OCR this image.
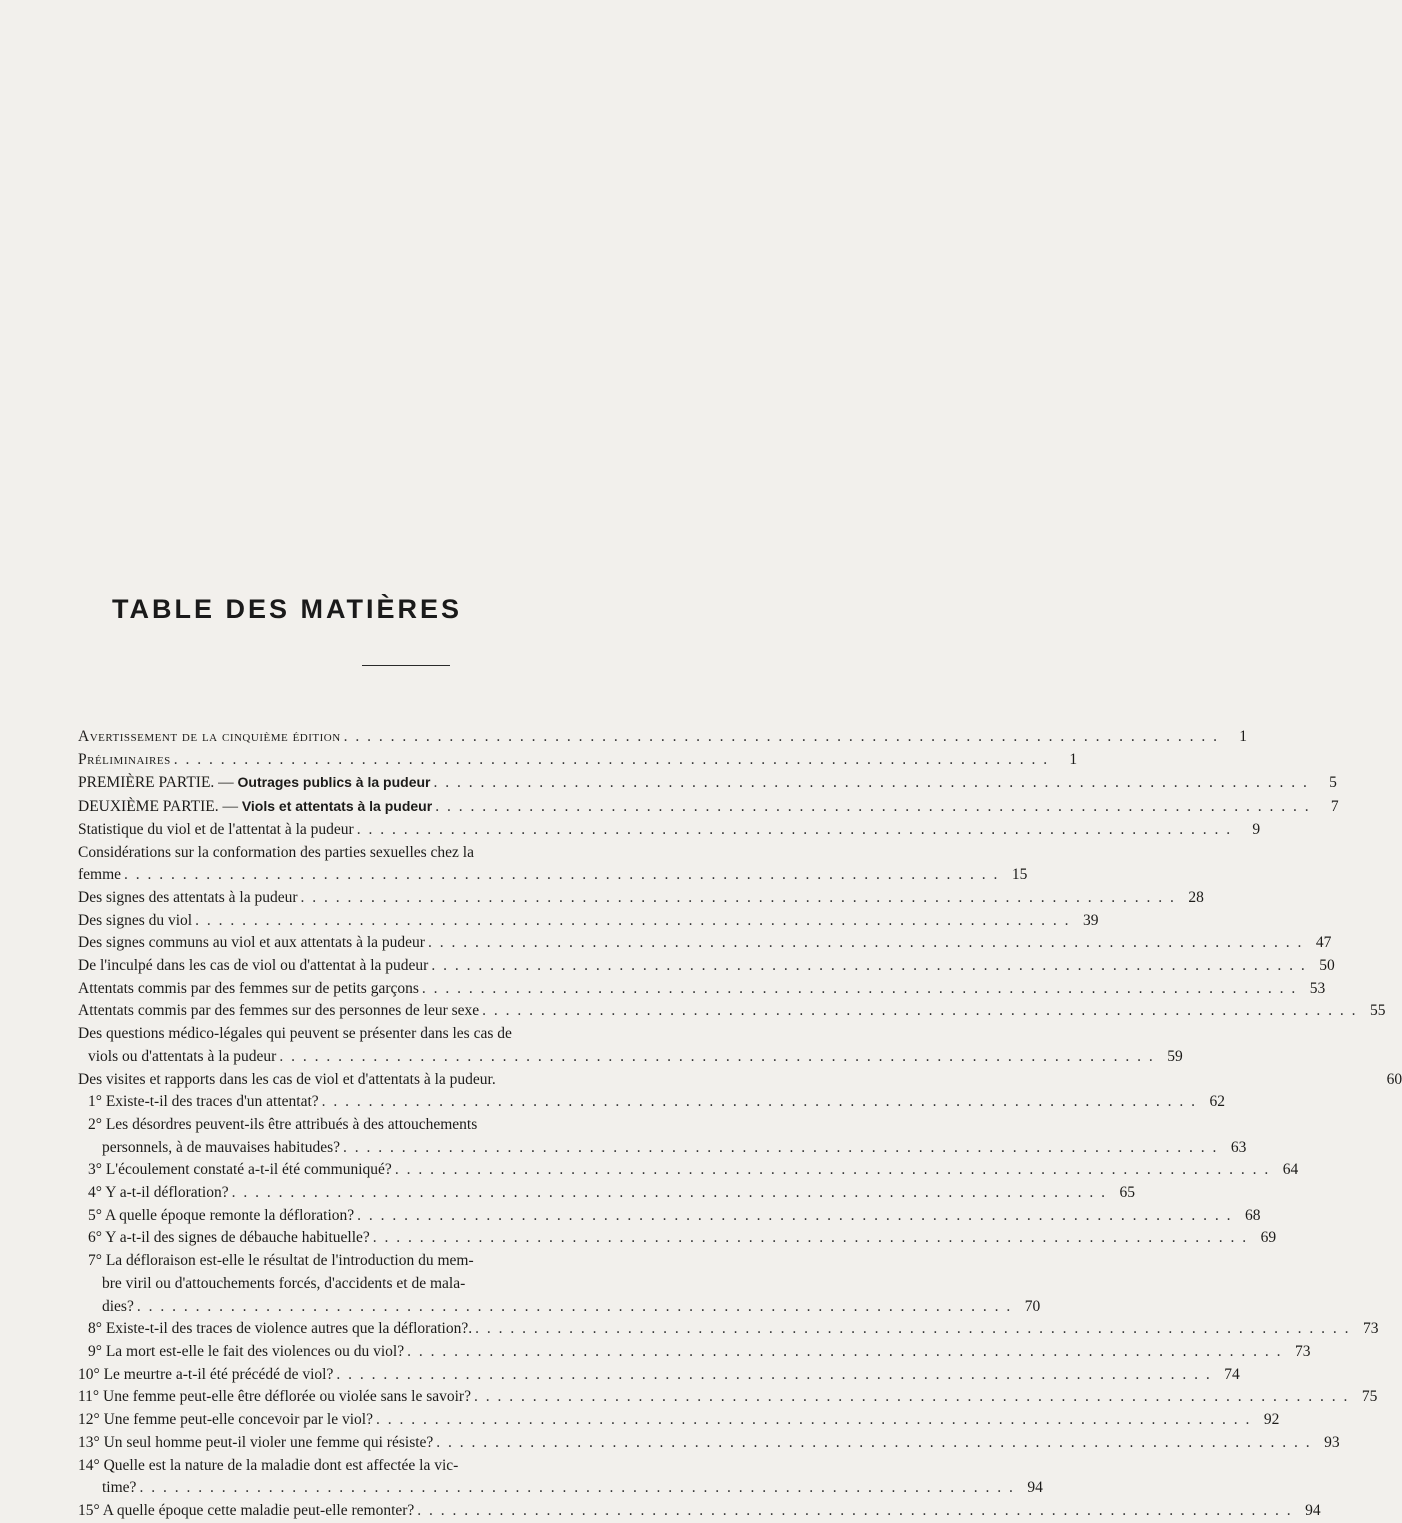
TABLE DES MATIÈRES
Avertissement de la cinquième édition . . .	1
Préliminaires . . .	1
PREMIÈRE PARTIE. — Outrages publics à la pudeur . . .	5
DEUXIÈME PARTIE. — Viols et attentats à la pudeur . . .	7
Statistique du viol et de l'attentat à la pudeur . . .	9
Considérations sur la conformation des parties sexuelles chez la
femme . . .	15
Des signes des attentats à la pudeur . . .	28
Des signes du viol . . .	39
Des signes communs au viol et aux attentats à la pudeur . . .	47
De l'inculpé dans les cas de viol ou d'attentat à la pudeur . . .	50
Attentats commis par des femmes sur de petits garçons . . .	53
Attentats commis par des femmes sur des personnes de leur sexe . . .	55
Des questions médico-légales qui peuvent se présenter dans les cas de
viols ou d'attentats à la pudeur . . .	59
Des visites et rapports dans les cas de viol et d'attentats à la pudeur.	60
1° Existe-t-il des traces d'un attentat? . . .	62
2° Les désordres peuvent-ils être attribués à des attouchements
personnels, à de mauvaises habitudes? . . .	63
3° L'écoulement constaté a-t-il été communiqué? . . .	64
4° Y a-t-il défloration? . . .	65
5° A quelle époque remonte la défloration? . . .	68
6° Y a-t-il des signes de débauche habituelle? . . .	69
7° La défloraison est-elle le résultat de l'introduction du mem-
bre viril ou d'attouchements forcés, d'accidents et de mala-
dies? . . .	70
8° Existe-t-il des traces de violence autres que la défloration?. . . .	73
9° La mort est-elle le fait des violences ou du viol? . . .	73
10° Le meurtre a-t-il été précédé de viol? . . .	74
11° Une femme peut-elle être déflorée ou violée sans le savoir? . . .	75
12° Une femme peut-elle concevoir par le viol? . . .	92
13° Un seul homme peut-il violer une femme qui résiste? . . .	93
14° Quelle est la nature de la maladie dont est affectée la vic-
time? . . .	94
15° A quelle époque cette maladie peut-elle remonter? . . .	94
